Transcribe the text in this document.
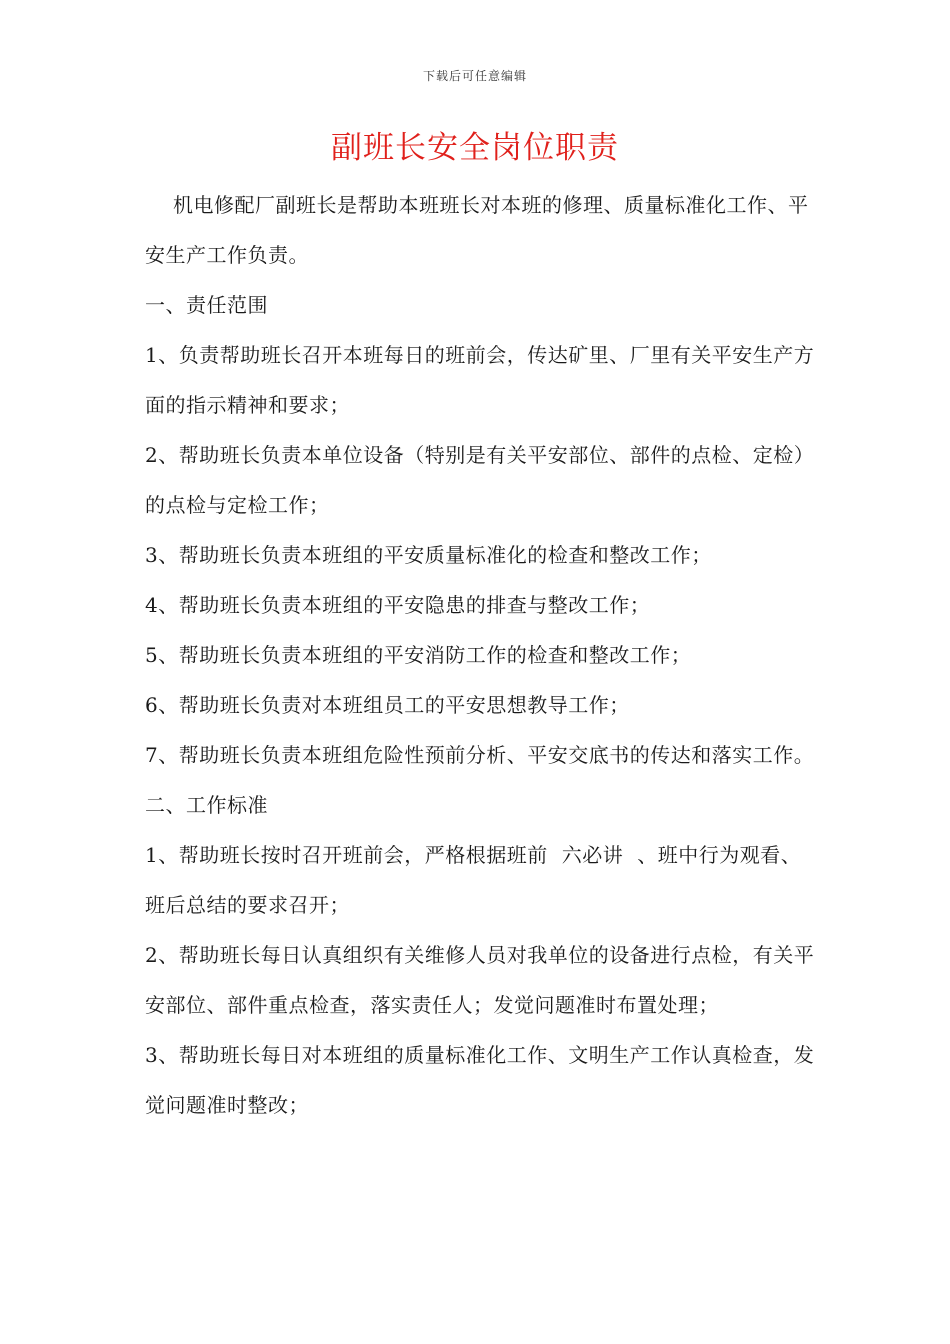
下载后可任意编辑
副班长安全岗位职责

机电修配厂副班长是帮助本班班长对本班的修理、质量标准化工作、平安生产工作负责。

一、责任范围

1、负责帮助班长召开本班每日的班前会，传达矿里、厂里有关平安生产方面的指示精神和要求；

2、帮助班长负责本单位设备（特别是有关平安部位、部件的点检、定检）的点检与定检工作；

3、帮助班长负责本班组的平安质量标准化的检查和整改工作；

4、帮助班长负责本班组的平安隐患的排查与整改工作；

5、帮助班长负责本班组的平安消防工作的检查和整改工作；

6、帮助班长负责对本班组员工的平安思想教导工作；

7、帮助班长负责本班组危险性预前分析、平安交底书的传达和落实工作。

二、工作标准

1、帮助班长按时召开班前会，严格根据班前 六必讲 、班中行为观看、班后总结的要求召开；

2、帮助班长每日认真组织有关维修人员对我单位的设备进行点检，有关平安部位、部件重点检查，落实责任人；发觉问题准时布置处理；

3、帮助班长每日对本班组的质量标准化工作、文明生产工作认真检查，发觉问题准时整改；
